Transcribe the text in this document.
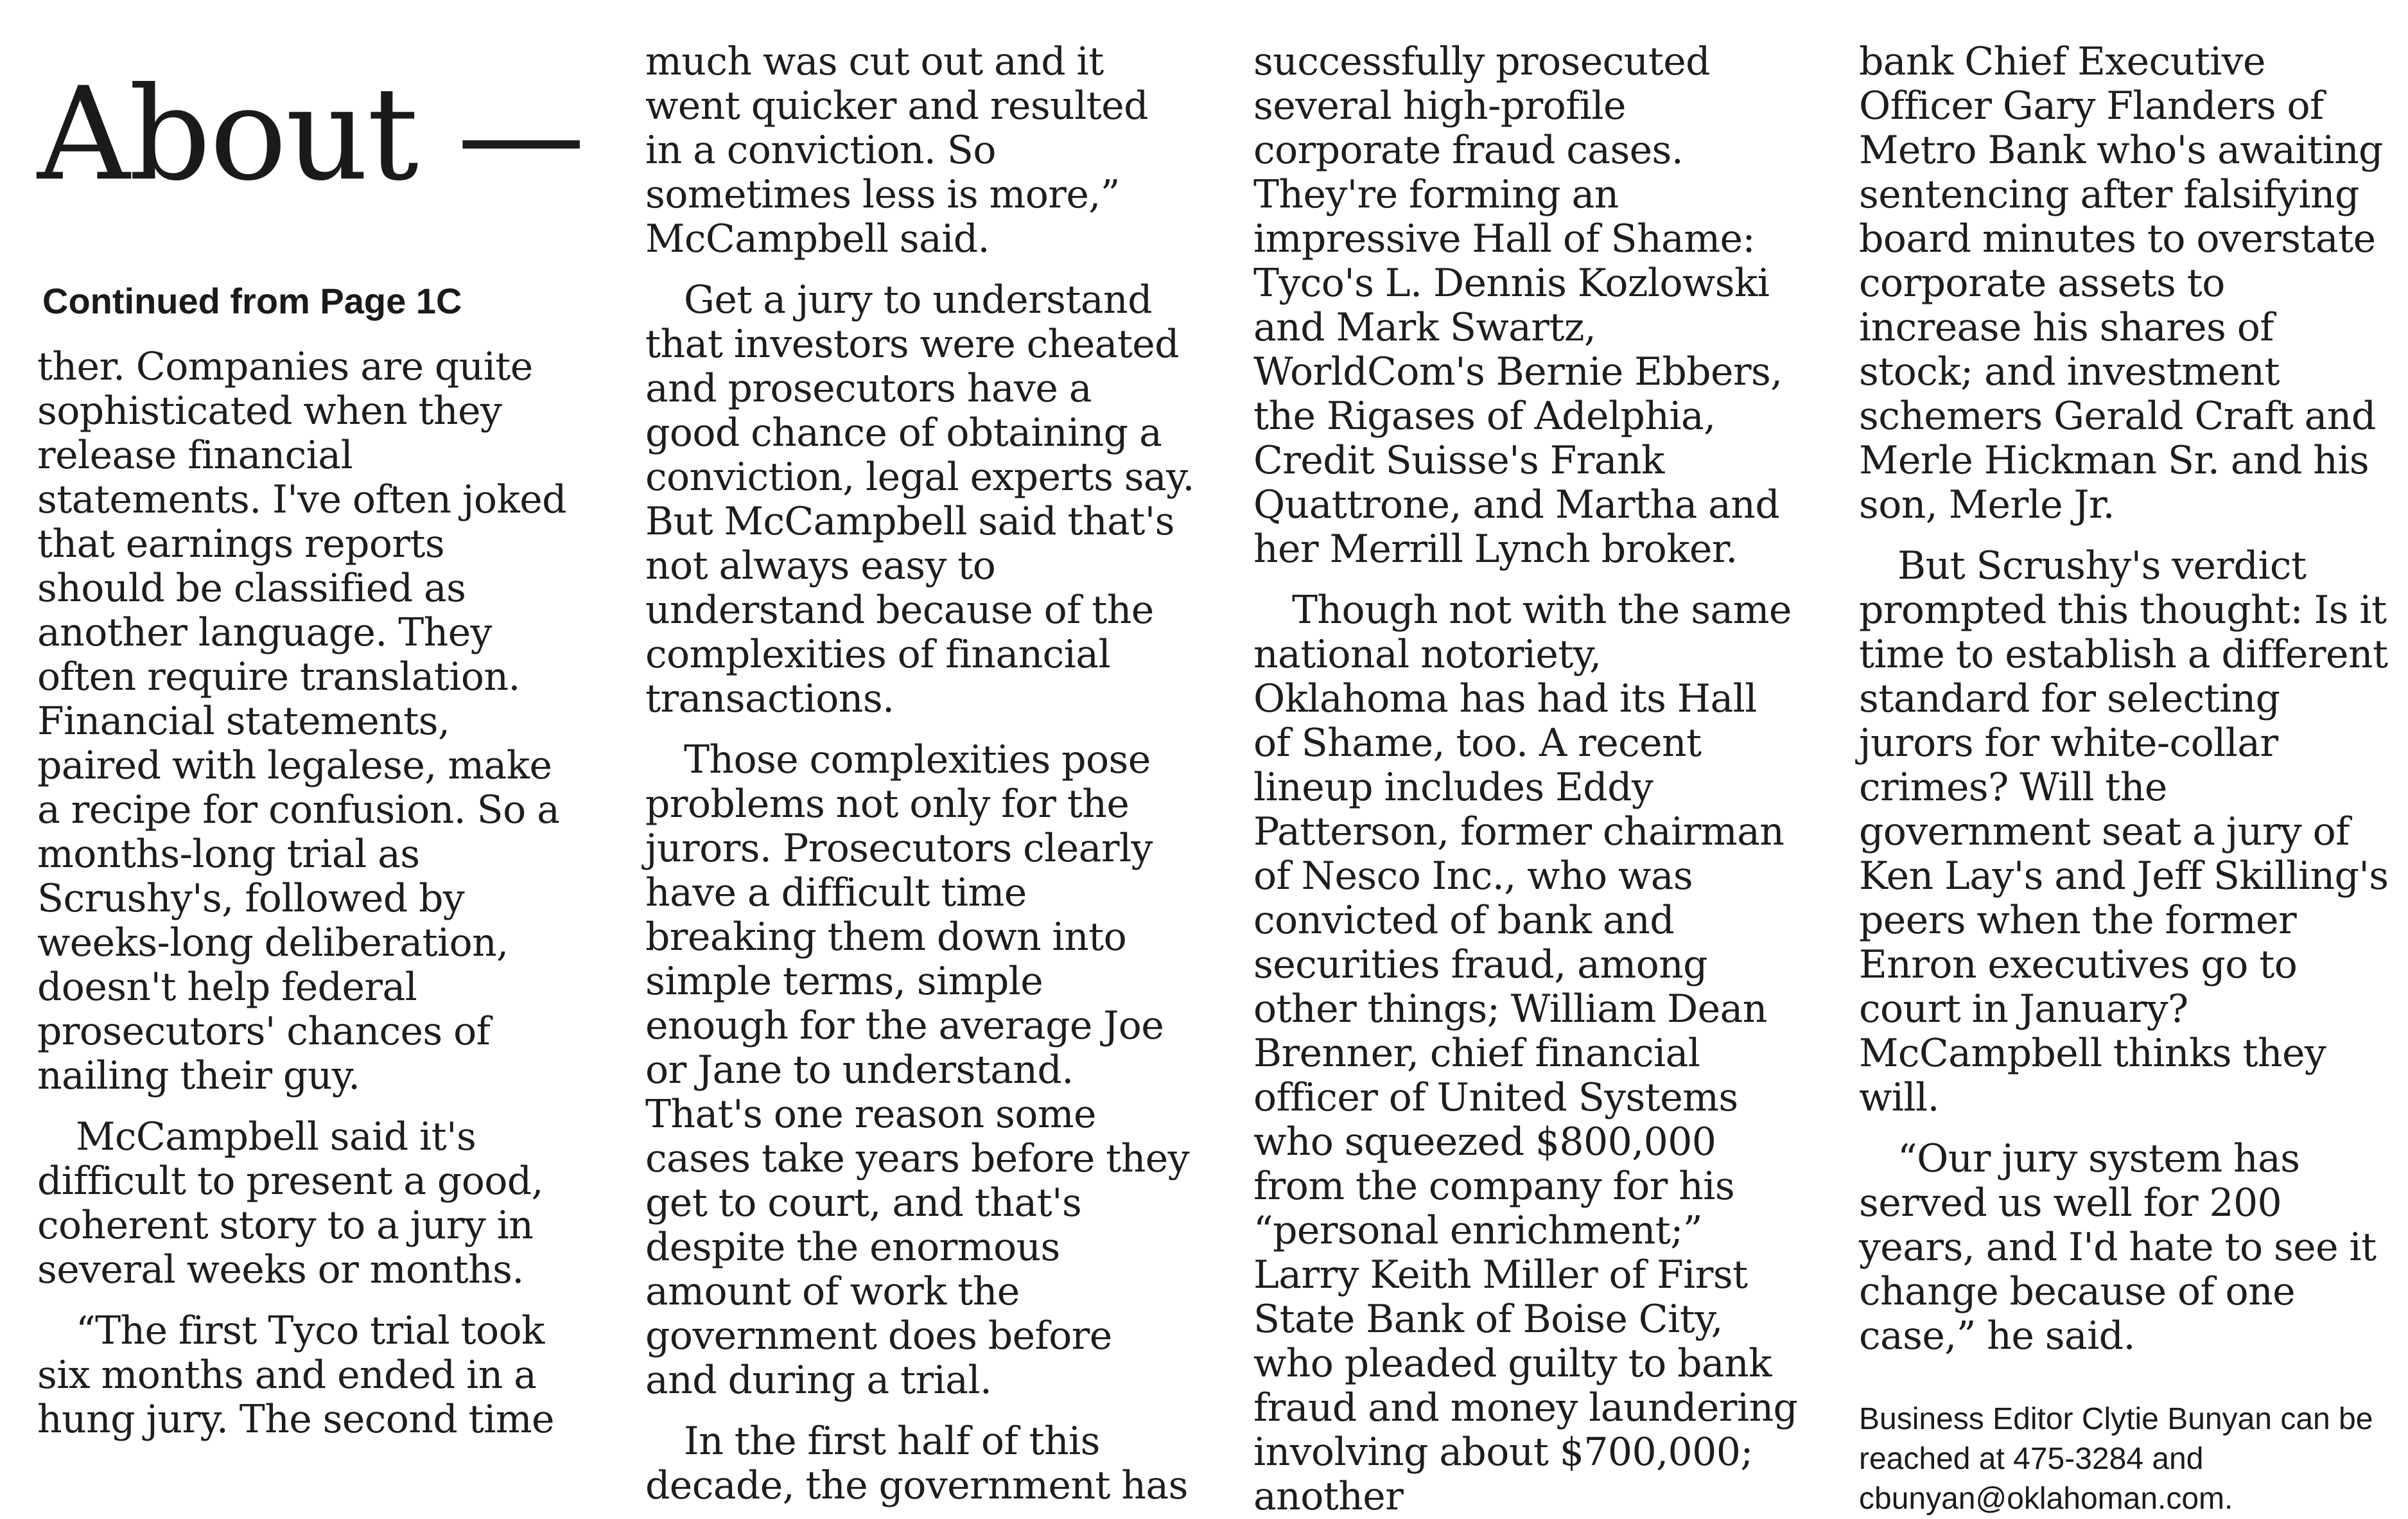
About —
Continued from Page 1C

ther. Companies are quite sophisticated when they release financial statements. I've often joked that earnings reports should be classified as another language. They often require translation. Financial statements, paired with legalese, make a recipe for confusion. So a months-long trial as Scrushy's, followed by weeks-long deliberation, doesn't help federal prosecutors' chances of nailing their guy.

McCampbell said it's difficult to present a good, coherent story to a jury in several weeks or months.

“The first Tyco trial took six months and ended in a hung jury. The second time

much was cut out and it went quicker and resulted in a conviction. So sometimes less is more,” McCampbell said.

Get a jury to understand that investors were cheated and prosecutors have a good chance of obtaining a conviction, legal experts say. But McCampbell said that's not always easy to understand because of the complexities of financial transactions.

Those complexities pose problems not only for the jurors. Prosecutors clearly have a difficult time breaking them down into simple terms, simple enough for the average Joe or Jane to understand. That's one reason some cases take years before they get to court, and that's despite the enormous amount of work the government does before and during a trial.

In the first half of this decade, the government has

successfully prosecuted several high-profile corporate fraud cases. They're forming an impressive Hall of Shame: Tyco's L. Dennis Kozlowski and Mark Swartz, WorldCom's Bernie Ebbers, the Rigases of Adelphia, Credit Suisse's Frank Quattrone, and Martha and her Merrill Lynch broker.

Though not with the same national notoriety, Oklahoma has had its Hall of Shame, too. A recent lineup includes Eddy Patterson, former chairman of Nesco Inc., who was convicted of bank and securities fraud, among other things; William Dean Brenner, chief financial officer of United Systems who squeezed $800,000 from the company for his “personal enrichment;” Larry Keith Miller of First State Bank of Boise City, who pleaded guilty to bank fraud and money laundering involving about $700,000; another

bank Chief Executive Officer Gary Flanders of Metro Bank who's awaiting sentencing after falsifying board minutes to overstate corporate assets to increase his shares of stock; and investment schemers Gerald Craft and Merle Hickman Sr. and his son, Merle Jr.

But Scrushy's verdict prompted this thought: Is it time to establish a different standard for selecting jurors for white-collar crimes? Will the government seat a jury of Ken Lay's and Jeff Skilling's peers when the former Enron executives go to court in January? McCampbell thinks they will.

“Our jury system has served us well for 200 years, and I'd hate to see it change because of one case,” he said.

Business Editor Clytie Bunyan can be reached at 475-3284 and cbunyan@oklahoman.com.
